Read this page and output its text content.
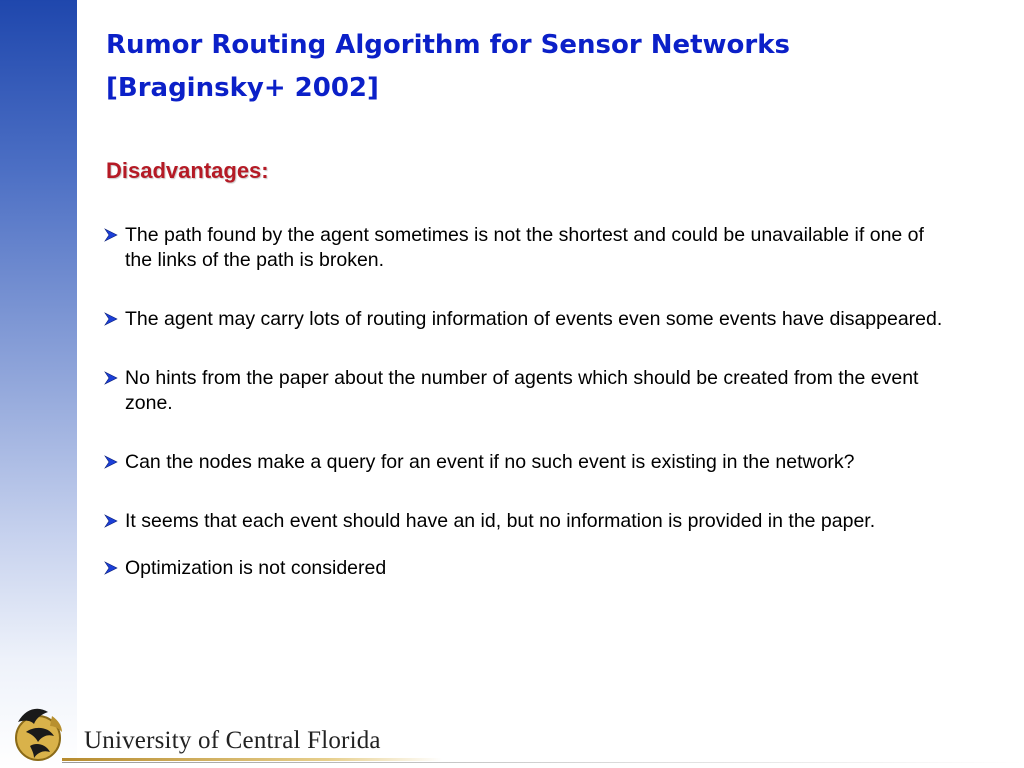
Rumor Routing Algorithm for Sensor Networks
[Braginsky+ 2002]
Disadvantages:
The path found by the agent sometimes is not the shortest and could be unavailable if one of the links of the path is broken.
The agent may carry lots of routing information of events even some events have disappeared.
No hints from the paper about the number of agents which should be created from the event zone.
Can the nodes make a query for an event if no such event is existing in the network?
It seems that each event should have an id, but no information is provided in the paper.
Optimization is not considered
University of Central Florida
